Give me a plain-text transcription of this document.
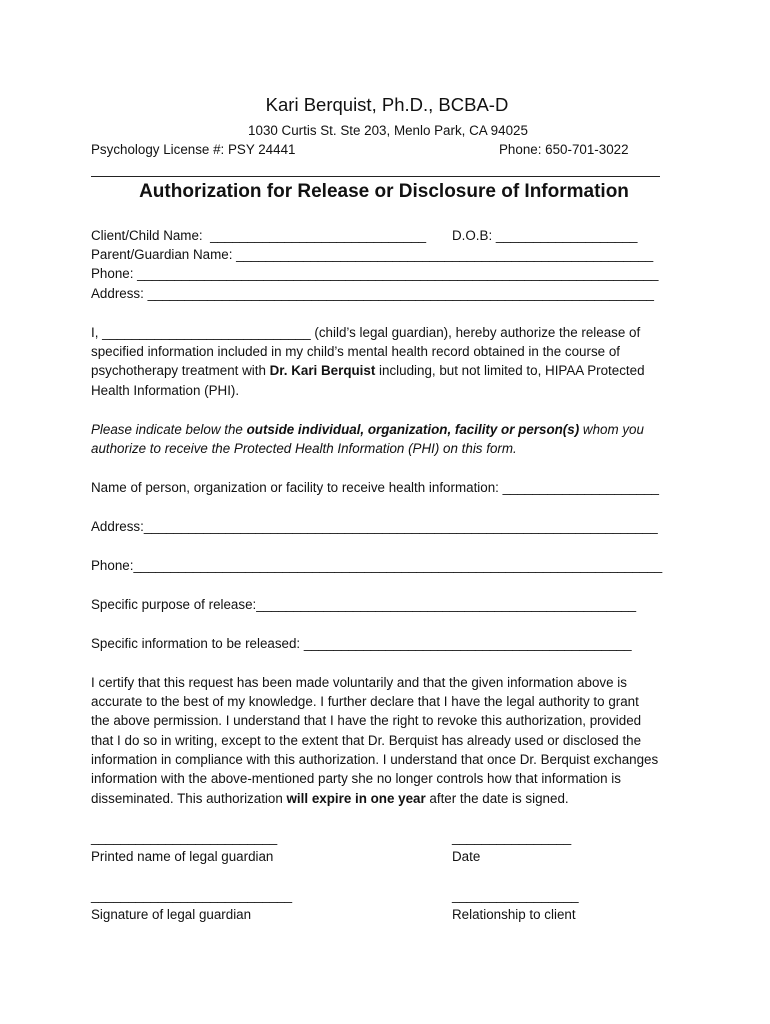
Kari Berquist, Ph.D., BCBA-D
1030 Curtis St. Ste 203, Menlo Park, CA 94025
Psychology License #: PSY 24441	Phone: 650-701-3022
Authorization for Release or Disclosure of Information
Client/Child Name:  _____________________________ D.O.B: ___________________
Parent/Guardian Name: ________________________________________________________
Phone: ______________________________________________________________________
Address: ____________________________________________________________________
I, ____________________________ (child’s legal guardian), hereby authorize the release of
specified information included in my child’s mental health record obtained in the course of
psychotherapy treatment with Dr. Kari Berquist including, but not limited to, HIPAA Protected
Health Information (PHI).
Please indicate below the outside individual, organization, facility or person(s) whom you
authorize to receive the Protected Health Information (PHI) on this form.
Name of person, organization or facility to receive health information: _____________________
Address:_____________________________________________________________________
Phone:_______________________________________________________________________
Specific purpose of release:___________________________________________________
Specific information to be released: ____________________________________________
I certify that this request has been made voluntarily and that the given information above is
accurate to the best of my knowledge. I further declare that I have the legal authority to grant
the above permission. I understand that I have the right to revoke this authorization, provided
that I do so in writing, except to the extent that Dr. Berquist has already used or disclosed the
information in compliance with this authorization. I understand that once Dr. Berquist exchanges
information with the above-mentioned party she no longer controls how that information is
disseminated. This authorization will expire in one year after the date is signed.
_________________________	________________
Printed name of legal guardian	Date
___________________________	_________________
Signature of legal guardian	Relationship to client
